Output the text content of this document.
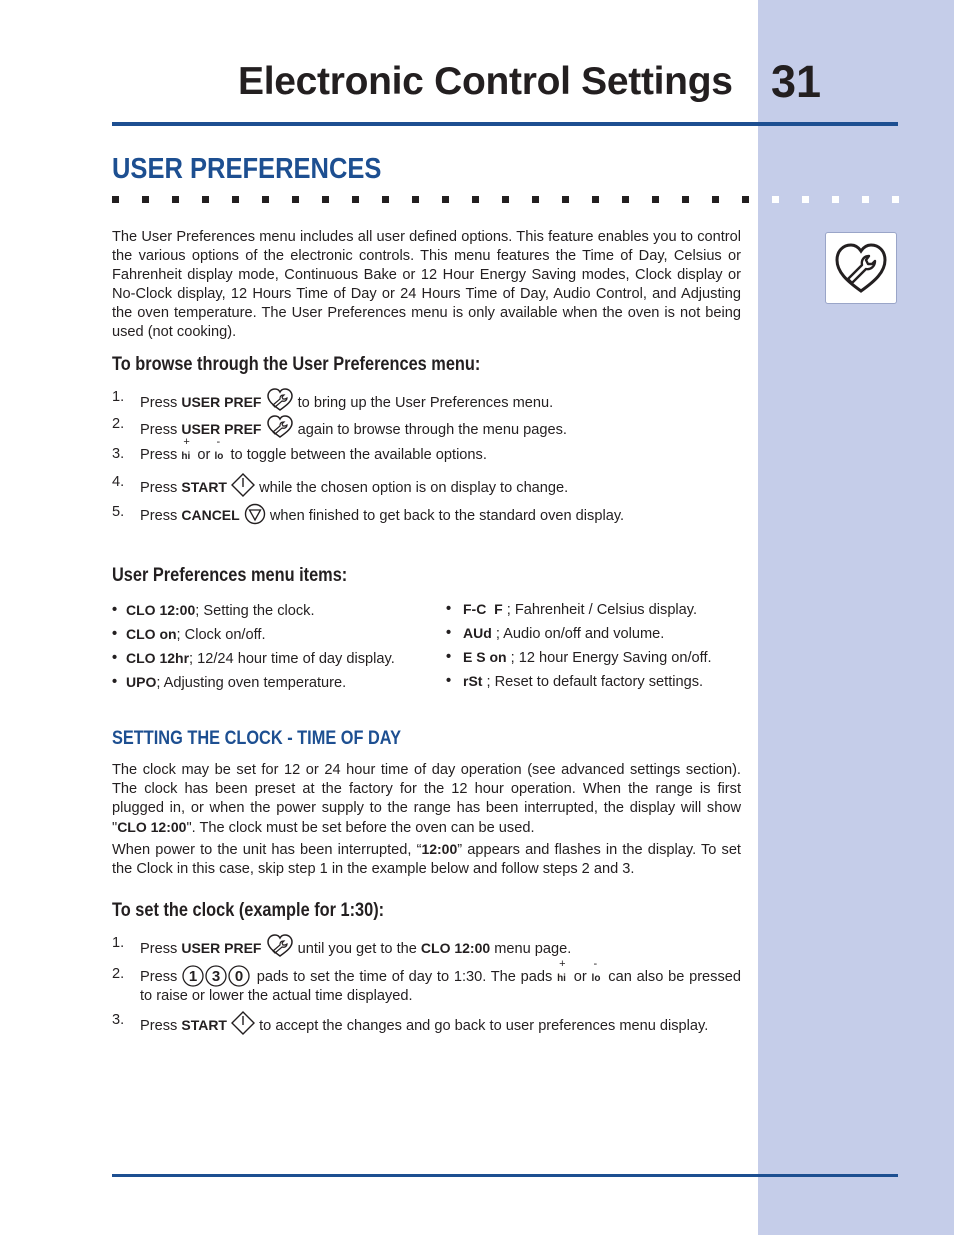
Electronic Control Settings 31
USER PREFERENCES
The User Preferences menu includes all user defined options. This feature enables you to control the various options of the electronic controls. This menu features the Time of Day, Celsius or Fahrenheit display mode, Continuous Bake or 12 Hour Energy Saving modes, Clock display or No-Clock display, 12 Hours Time of Day or 24 Hours Time of Day, Audio Control, and Adjusting the oven temperature. The User Preferences menu is only available when the oven is not being used (not cooking).
To browse through the User Preferences menu:
1. Press USER PREF  to bring up the User Preferences menu.
2. Press USER PREF  again to browse through the menu pages.
3. Press
+
hi or
-
lo to toggle between the available options.
4. Press START  while the chosen option is on display to change.
5. Press CANCEL  when finished to get back to the standard oven display.
User Preferences menu items:
• CLO 12:00; Setting the clock.
• CLO on; Clock on/off.
• CLO 12hr; 12/24 hour time of day display.
• UPO; Adjusting oven temperature.
• F-C  F ; Fahrenheit / Celsius display.
• AUd ; Audio on/off and volume.
• E S on ; 12 hour Energy Saving on/off.
• rSt ; Reset to default factory settings.
SETTING THE CLOCK - TIME OF DAY
The clock may be set for 12 or 24 hour time of day operation (see advanced settings section). The clock has been preset at the factory for the 12 hour operation. When the range is first plugged in, or when the power supply to the range has been interrupted, the display will show "CLO 12:00". The clock must be set before the oven can be used.
When power to the unit has been interrupted, “12:00” appears and flashes in the display. To set the Clock in this case, skip step 1 in the example below and follow steps 2 and 3.
To set the clock (example for 1:30):
1. Press USER PREF  until you get to the CLO 12:00 menu page.
2. Press 1 3 0 pads to set the time of day to 1:30. The pads
+
hi or
-
lo can also be pressed to raise or lower the actual time displayed.
3. Press START  to accept the changes and go back to user preferences menu display.
